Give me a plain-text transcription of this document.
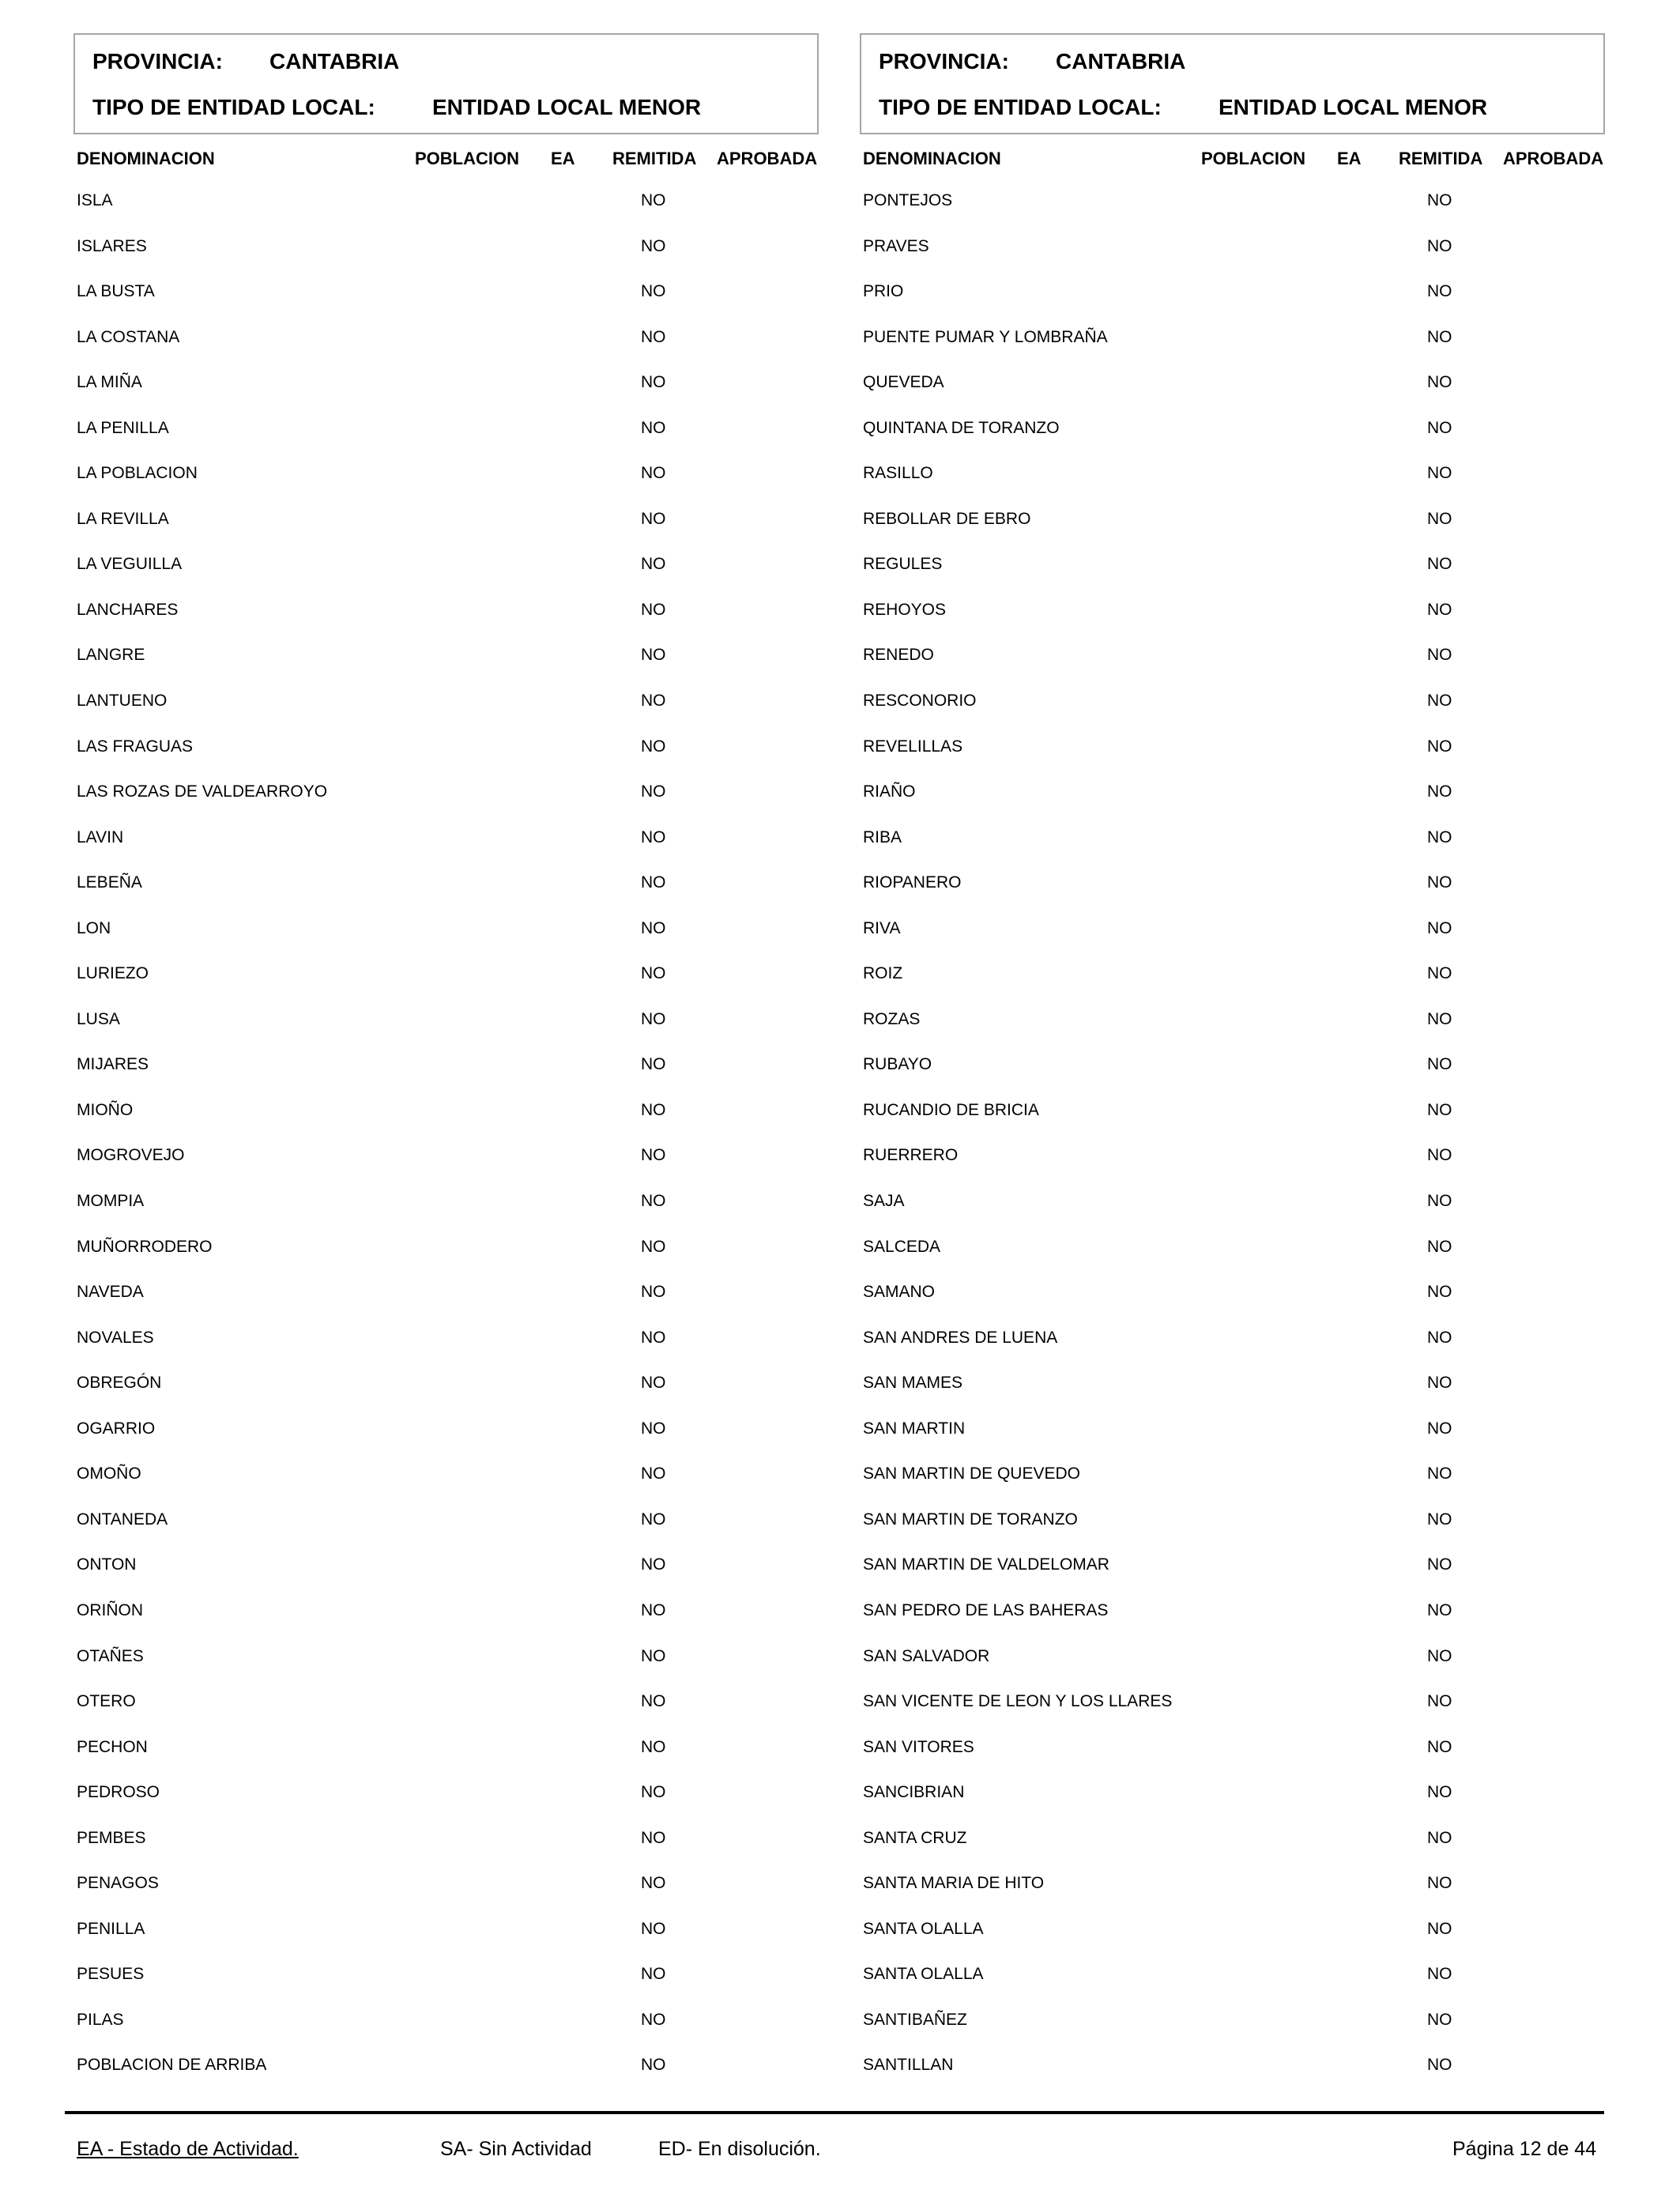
PROVINCIA: CANTABRIA
TIPO DE ENTIDAD LOCAL:	ENTIDAD LOCAL MENOR
DENOMINACION	POBLACION EA REMITIDA APROBADA
ISLA	NO
ISLARES	NO
LA BUSTA	NO
LA COSTANA	NO
LA MIÑA	NO
LA PENILLA	NO
LA POBLACION	NO
LA REVILLA	NO
LA VEGUILLA	NO
LANCHARES	NO
LANGRE	NO
LANTUENO	NO
LAS FRAGUAS	NO
LAS ROZAS DE VALDEARROYO	NO
LAVIN	NO
LEBEÑA	NO
LON	NO
LURIEZO	NO
LUSA	NO
MIJARES	NO
MIOÑO	NO
MOGROVEJO	NO
MOMPIA	NO
MUÑORRODERO	NO
NAVEDA	NO
NOVALES	NO
OBREGÓN	NO
OGARRIO	NO
OMOÑO	NO
ONTANEDA	NO
ONTON	NO
ORIÑON	NO
OTAÑES	NO
OTERO	NO
PECHON	NO
PEDROSO	NO
PEMBES	NO
PENAGOS	NO
PENILLA	NO
PESUES	NO
PILAS	NO
POBLACION DE ARRIBA	NO
PROVINCIA: CANTABRIA
TIPO DE ENTIDAD LOCAL:	ENTIDAD LOCAL MENOR
DENOMINACION	POBLACION EA REMITIDA APROBADA
PONTEJOS	NO
PRAVES	NO
PRIO	NO
PUENTE PUMAR Y LOMBRAÑA	NO
QUEVEDA	NO
QUINTANA DE TORANZO	NO
RASILLO	NO
REBOLLAR DE EBRO	NO
REGULES	NO
REHOYOS	NO
RENEDO	NO
RESCONORIO	NO
REVELILLAS	NO
RIAÑO	NO
RIBA	NO
RIOPANERO	NO
RIVA	NO
ROIZ	NO
ROZAS	NO
RUBAYO	NO
RUCANDIO DE BRICIA	NO
RUERRERO	NO
SAJA	NO
SALCEDA	NO
SAMANO	NO
SAN ANDRES DE LUENA	NO
SAN MAMES	NO
SAN MARTIN	NO
SAN MARTIN DE QUEVEDO	NO
SAN MARTIN DE TORANZO	NO
SAN MARTIN DE VALDELOMAR	NO
SAN PEDRO DE LAS BAHERAS	NO
SAN SALVADOR	NO
SAN VICENTE DE LEON Y LOS LLARES	NO
SAN VITORES	NO
SANCIBRIAN	NO
SANTA CRUZ	NO
SANTA MARIA DE HITO	NO
SANTA OLALLA	NO
SANTA OLALLA	NO
SANTIBAÑEZ	NO
SANTILLAN	NO
EA - Estado de Actividad.	SA- Sin Actividad	ED- En disolución.	Página 12 de 44
